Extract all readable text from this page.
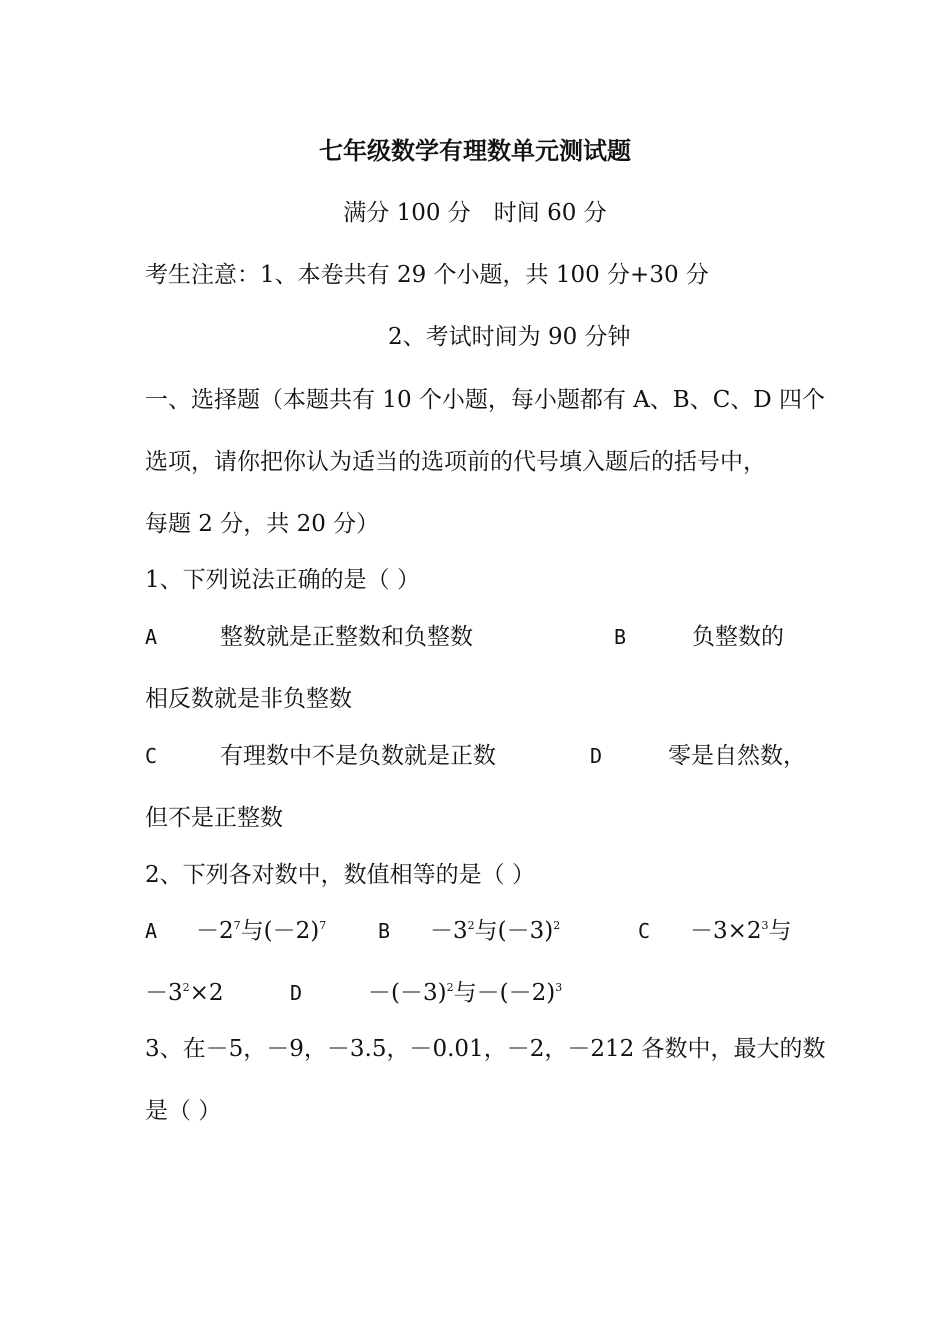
七年级数学有理数单元测试题
满分 100 分　时间 60 分
考生注意：1、本卷共有 29 个小题，共 100 分+30 分
2、考试时间为 90 分钟
一、选择题（本题共有 10 个小题，每小题都有 A、B、C、D 四个
选项，请你把你认为适当的选项前的代号填入题后的括号中，
每题 2 分，共 20 分）
1、下列说法正确的是（ ）
A	整数就是正整数和负整数	B	负整数的
相反数就是非负整数
C	有理数中不是负数就是正数	D	零是自然数，
但不是正整数
2、下列各对数中，数值相等的是（ ）
$A -2^7$与$(-2)^7$	$B -3^2$与$(-3)^2$	$C -3\times 2^3$与
$-3^2\times 2$	D	$-(-3)^2$与$-(-2)^3$
3、在－5，－9，－3.5，－0.01，－2，－212 各数中，最大的数
是（ ）
